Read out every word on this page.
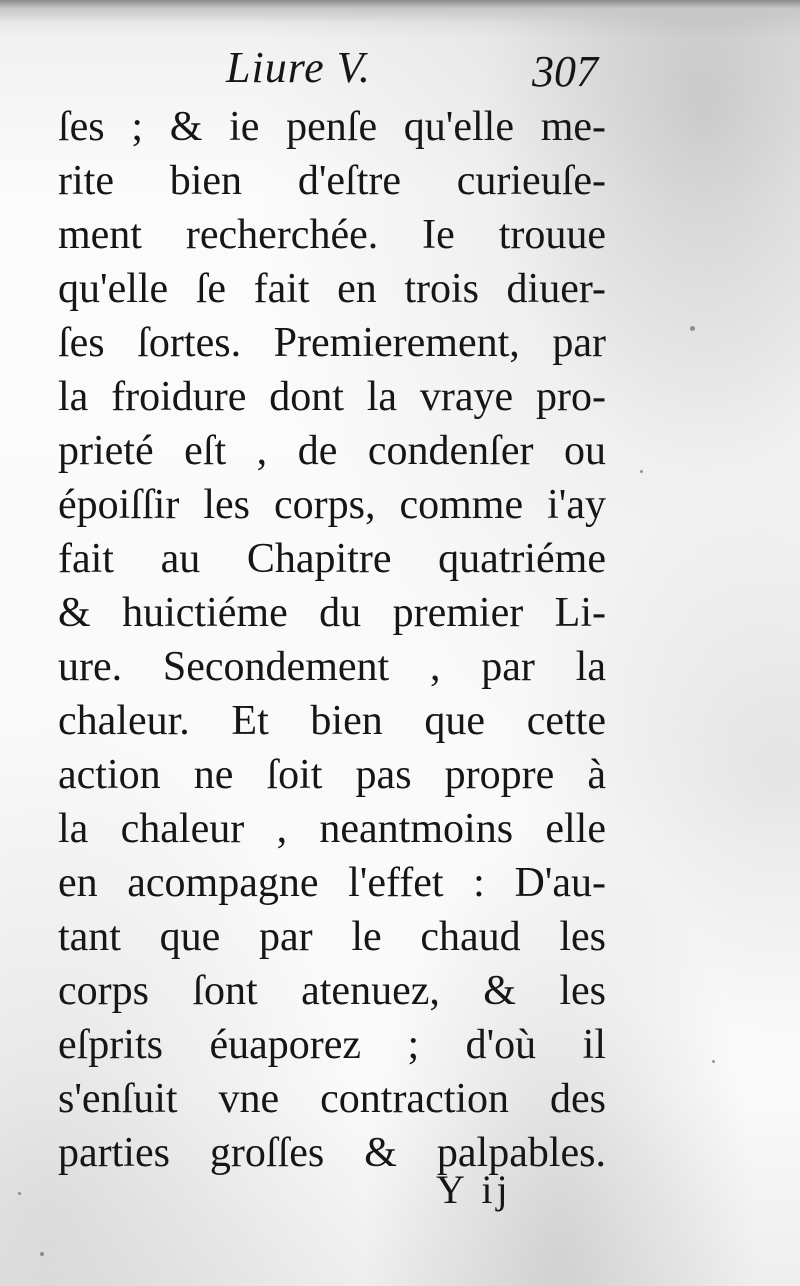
Liure V.	307
ſes ; & ie penſe qu'elle me-
rite bien d'eſtre curieuſe-
ment recherchée. Ie trouue
qu'elle ſe fait en trois diuer-
ſes ſortes. Premierement, par
la froidure dont la vraye pro-
prieté eſt , de condenſer ou
époiſſir les corps, comme i'ay
fait au Chapitre quatriéme
& huictiéme du premier Li-
ure. Secondement , par la
chaleur. Et bien que cette
action ne ſoit pas propre à
la chaleur , neantmoins elle
en acompagne l'effet : D'au-
tant que par le chaud les
corps ſont atenuez, & les
eſprits éuaporez ; d'où il
s'enſuit vne contraction des
parties groſſes & palpables.
Y ij
